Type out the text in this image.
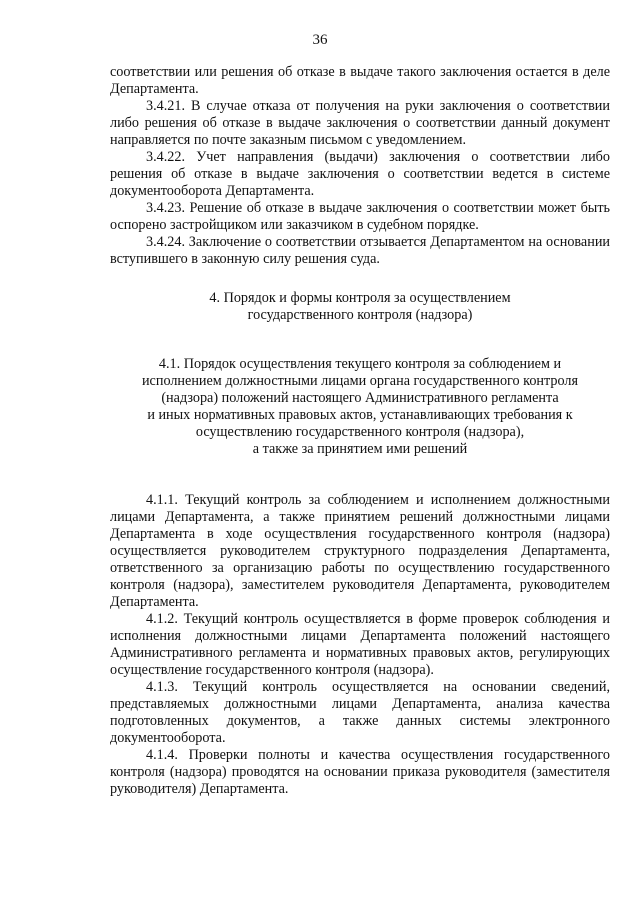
36

соответствии или решения об отказе в выдаче такого заключения остается в деле Департамента.

3.4.21. В случае отказа от получения на руки заключения о соответствии либо решения об отказе в выдаче заключения о соответствии данный документ направляется по почте заказным письмом с уведомлением.

3.4.22. Учет направления (выдачи) заключения о соответствии либо решения об отказе в выдаче заключения о соответствии ведется в системе документооборота Департамента.

3.4.23. Решение об отказе в выдаче заключения о соответствии может быть оспорено застройщиком или заказчиком в судебном порядке.

3.4.24. Заключение о соответствии отзывается Департаментом на основании вступившего в законную силу решения суда.

4. Порядок и формы контроля за осуществлением
государственного контроля (надзора)
4.1. Порядок осуществления текущего контроля за соблюдением и
исполнением должностными лицами органа государственного контроля
(надзора) положений настоящего Административного регламента
и иных нормативных правовых актов, устанавливающих требования к
осуществлению государственного контроля (надзора),
а также за принятием ими решений

4.1.1. Текущий контроль за соблюдением и исполнением должностными лицами Департамента, а также принятием решений должностными лицами Департамента в ходе осуществления государственного контроля (надзора) осуществляется руководителем структурного подразделения Департамента, ответственного за организацию работы по осуществлению государственного контроля (надзора), заместителем руководителя Департамента, руководителем Департамента.

4.1.2. Текущий контроль осуществляется в форме проверок соблюдения и исполнения должностными лицами Департамента положений настоящего Административного регламента и нормативных правовых актов, регулирующих осуществление государственного контроля (надзора).

4.1.3. Текущий контроль осуществляется на основании сведений, представляемых должностными лицами Департамента, анализа качества подготовленных документов, а также данных системы электронного документооборота.

4.1.4. Проверки полноты и качества осуществления государственного контроля (надзора) проводятся на основании приказа руководителя (заместителя руководителя) Департамента.
